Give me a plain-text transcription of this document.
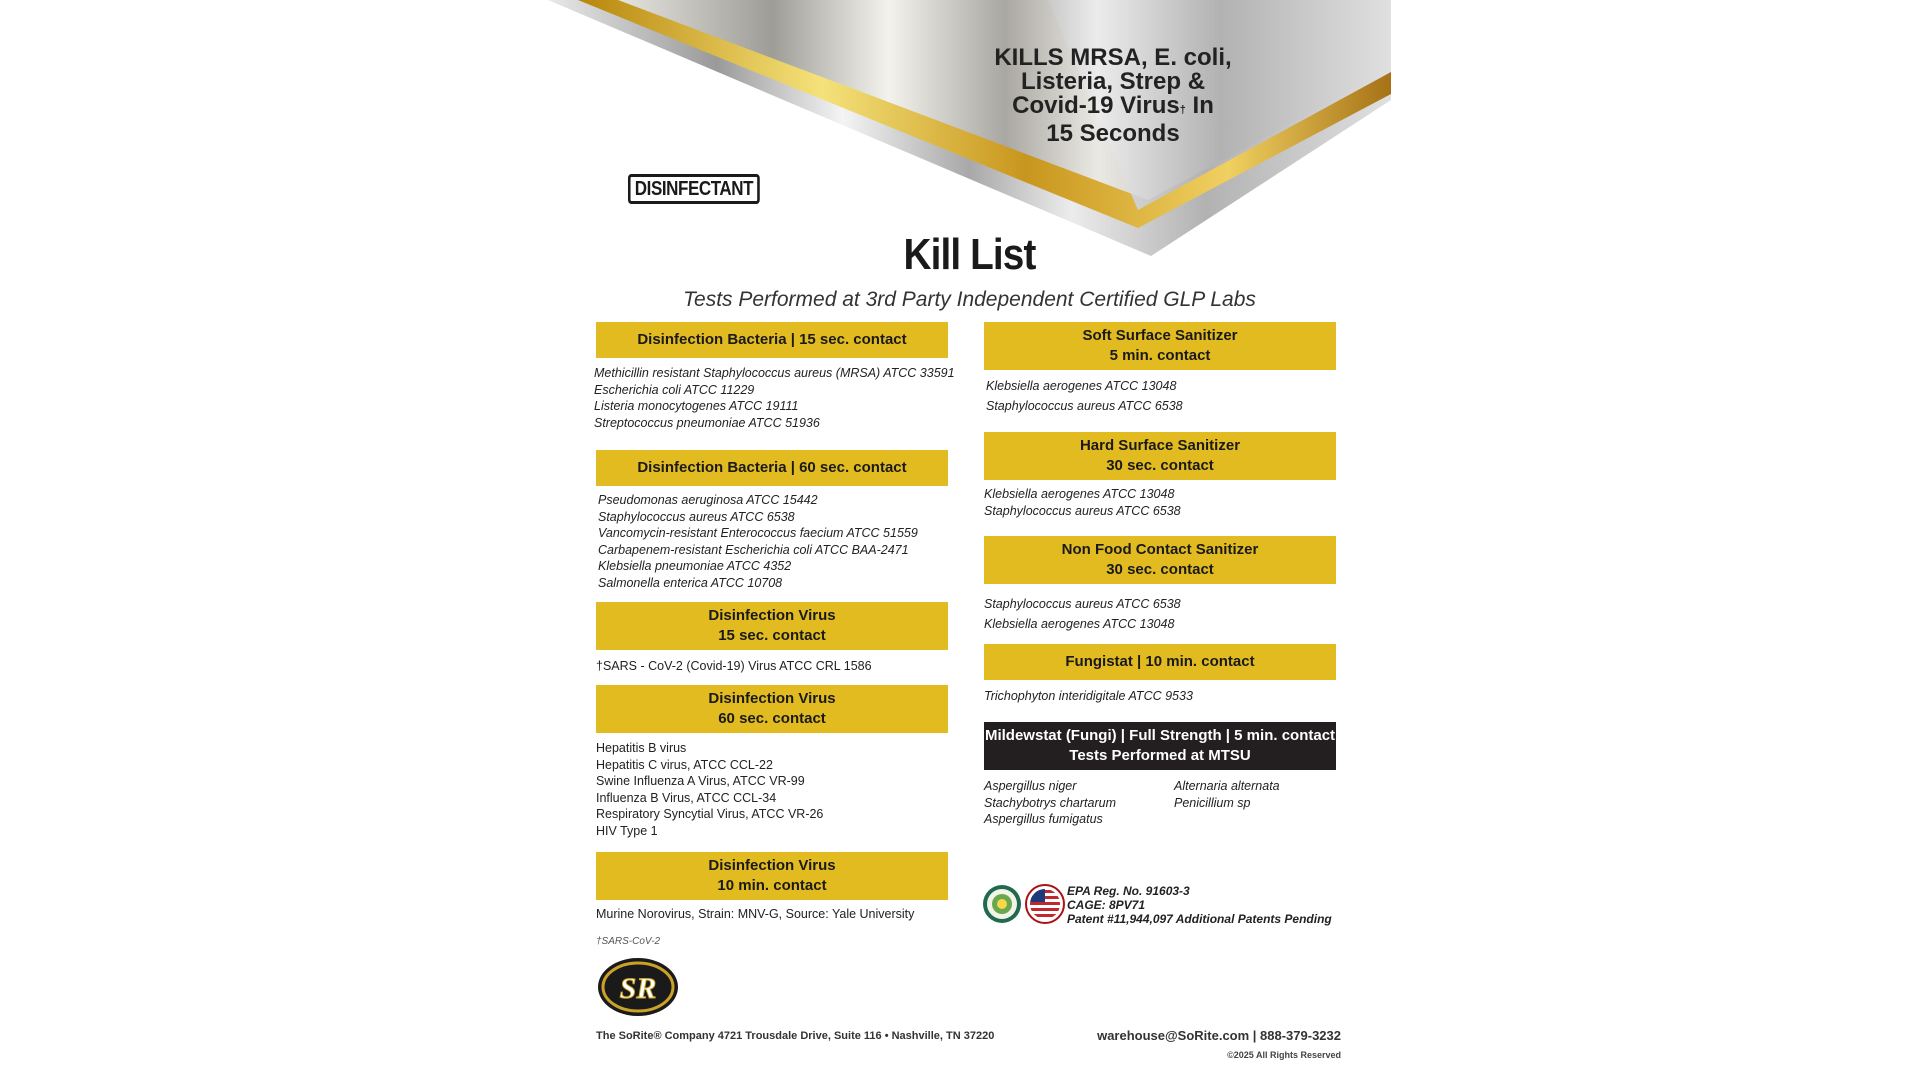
KILLS MRSA, E. coli,
Listeria, Strep &
Covid-19 Virus† In
15 Seconds
DISINFECTANT
Kill List
Tests Performed at 3rd Party Independent Certified GLP Labs
Disinfection Bacteria | 15 sec. contact
Methicillin resistant Staphylococcus aureus (MRSA) ATCC 33591
Escherichia coli ATCC 11229
Listeria monocytogenes ATCC 19111
Streptococcus pneumoniae ATCC 51936
Disinfection Bacteria | 60 sec. contact
Pseudomonas aeruginosa ATCC 15442
Staphylococcus aureus ATCC 6538
Vancomycin-resistant Enterococcus faecium ATCC 51559
Carbapenem-resistant Escherichia coli ATCC BAA-2471
Klebsiella pneumoniae ATCC 4352
Salmonella enterica ATCC 10708
Disinfection Virus
15 sec. contact
†SARS - CoV-2 (Covid-19) Virus ATCC CRL 1586
Disinfection Virus
60 sec. contact
Hepatitis B virus
Hepatitis C virus, ATCC CCL-22
Swine Influenza A Virus, ATCC VR-99
Influenza B Virus, ATCC CCL-34
Respiratory Syncytial Virus, ATCC VR-26
HIV Type 1
Disinfection Virus
10 min. contact
Murine Norovirus, Strain: MNV-G, Source: Yale University
†SARS-CoV-2
Soft Surface Sanitizer
5 min. contact
Klebsiella aerogenes ATCC 13048
Staphylococcus aureus ATCC 6538
Hard Surface Sanitizer
30 sec. contact
Klebsiella aerogenes ATCC 13048
Staphylococcus aureus ATCC 6538
Non Food Contact Sanitizer
30 sec. contact
Staphylococcus aureus ATCC 6538
Klebsiella aerogenes ATCC 13048
Fungistat | 10 min. contact
Trichophyton interidigitale ATCC 9533
Mildewstat (Fungi) | Full Strength | 5 min. contact
Tests Performed at MTSU
Aspergillus niger
Stachybotrys chartarum
Aspergillus fumigatus
Alternaria alternata
Penicillium sp
EPA Reg. No. 91603-3
CAGE: 8PV71
Patent #11,944,097 Additional Patents Pending
SR
The SoRite® Company 4721 Trousdale Drive, Suite 116 • Nashville, TN 37220	warehouse@SoRite.com | 888-379-3232
©2025 All Rights Reserved
